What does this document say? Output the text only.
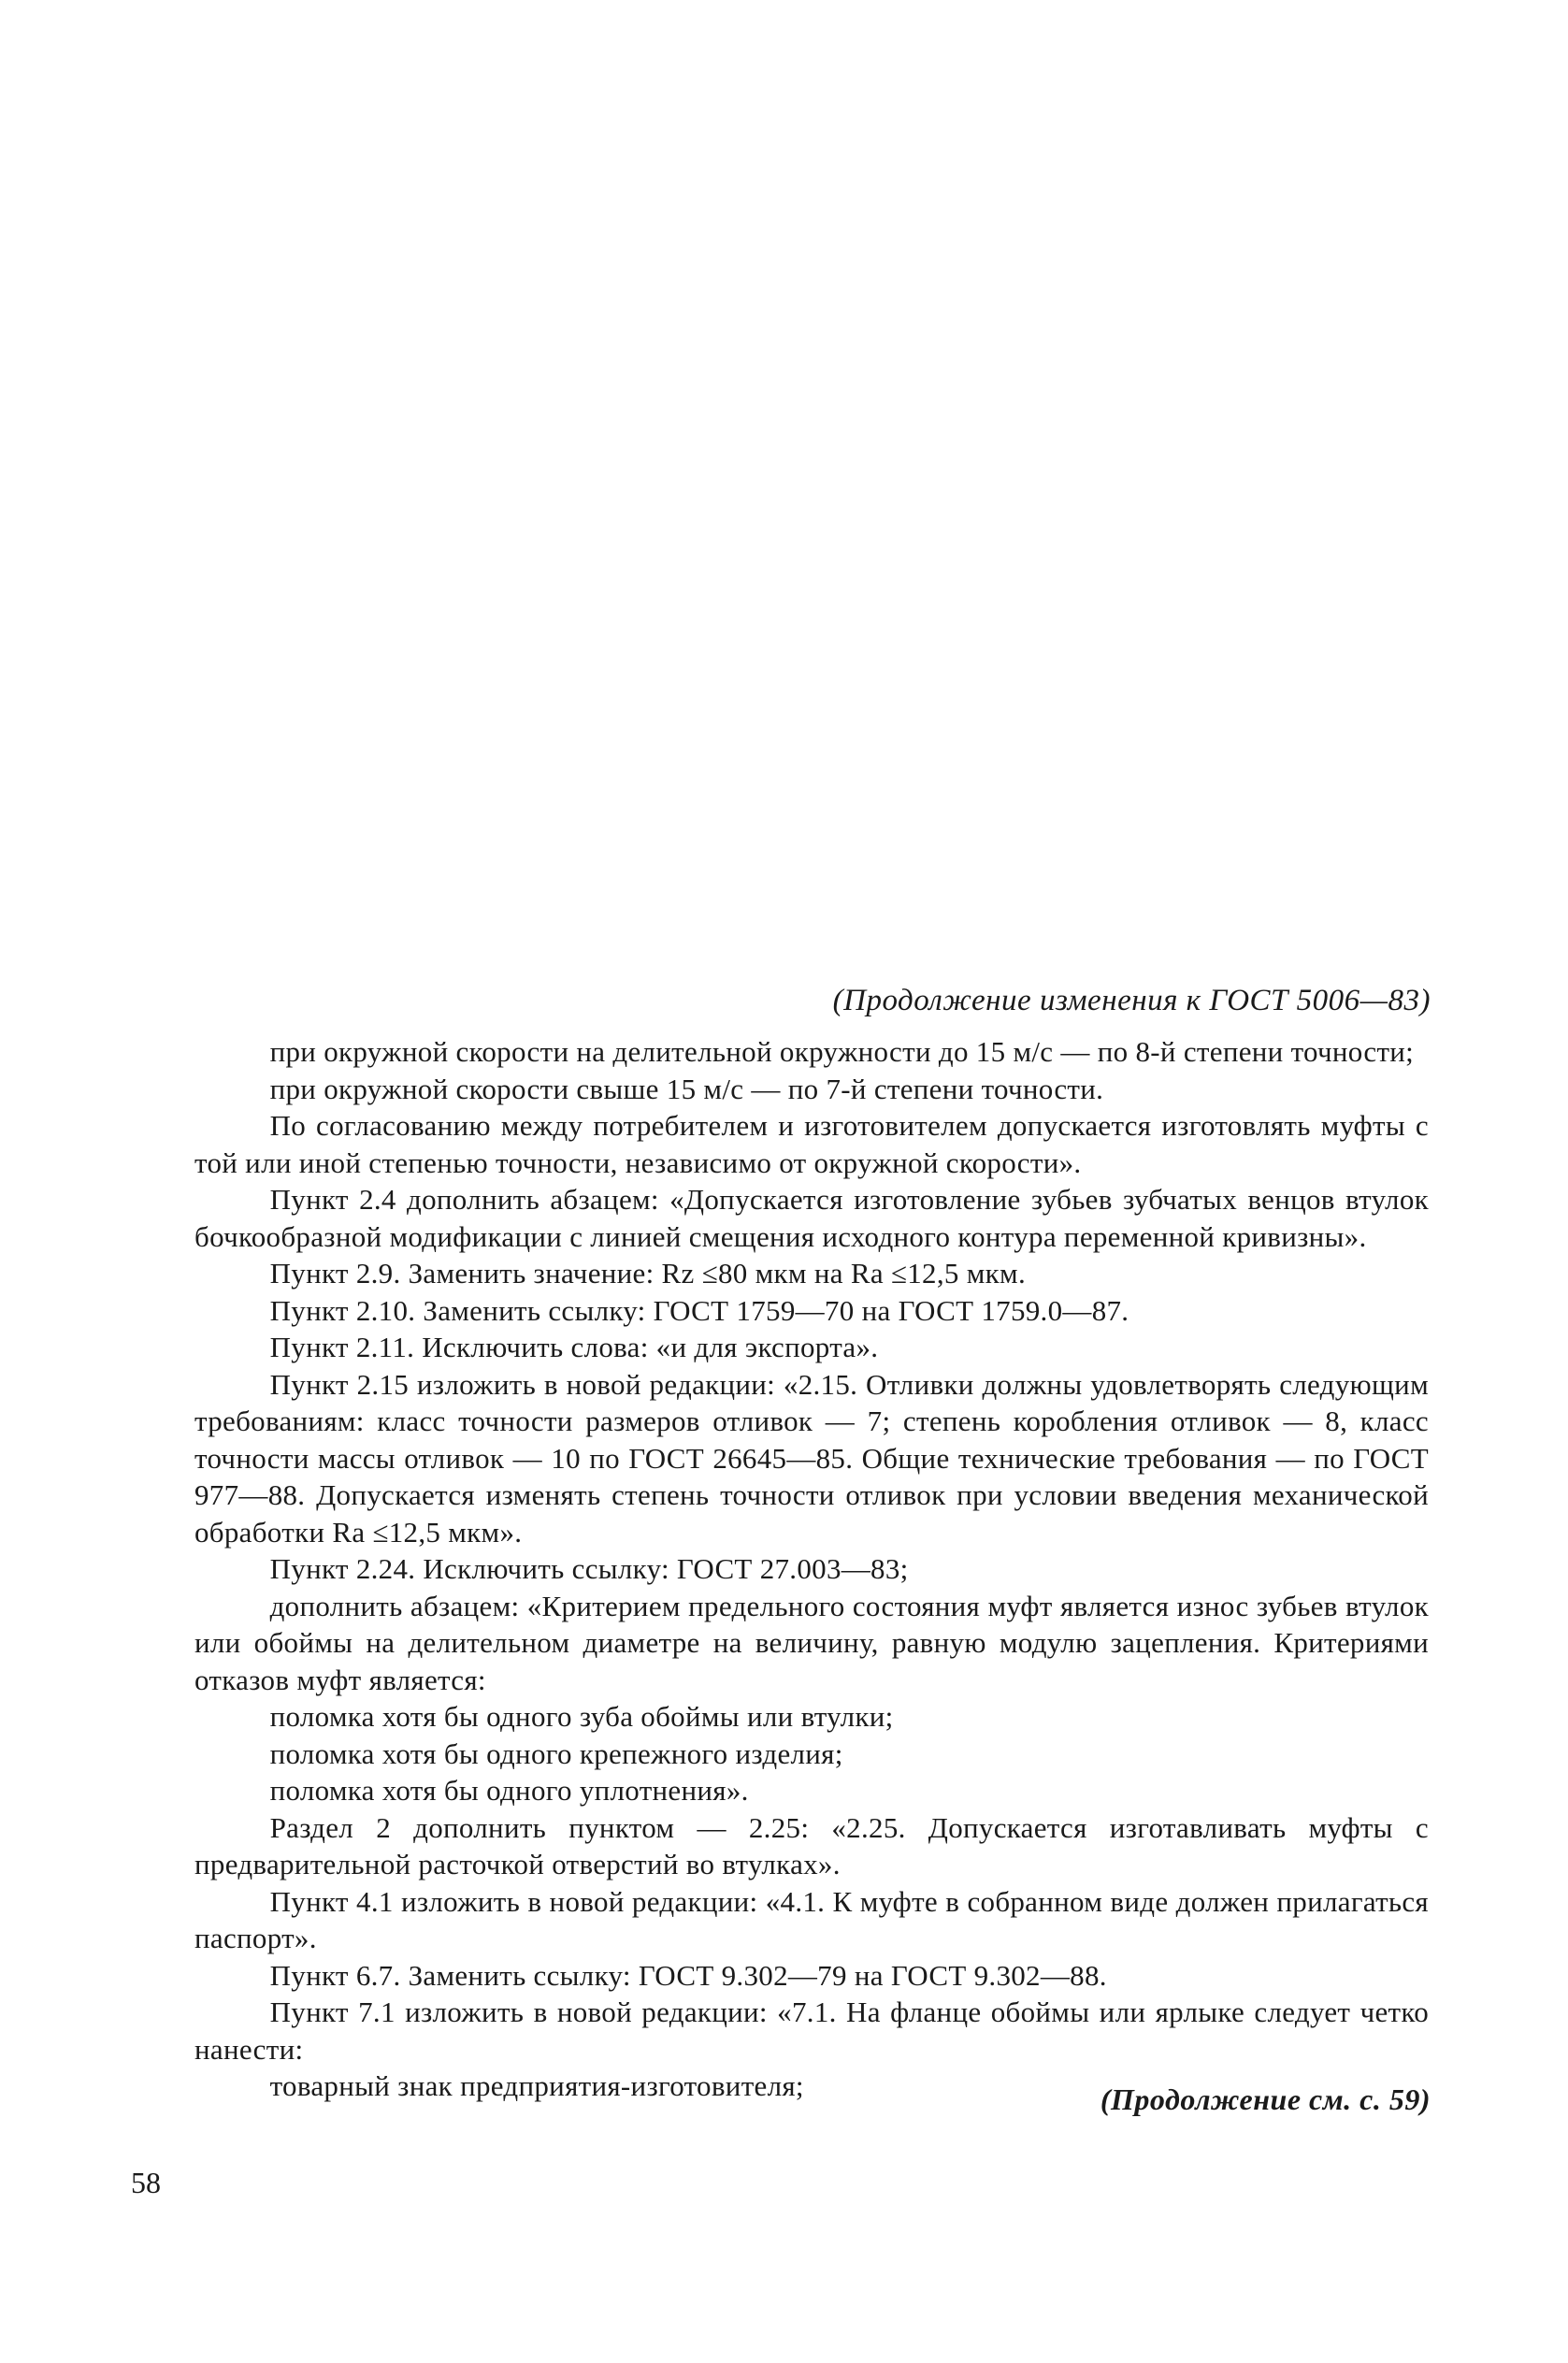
(Продолжение изменения к ГОСТ 5006—83)

при окружной скорости на делительной окружности до 15 м/с — по 8-й степени точности;

при окружной скорости свыше 15 м/с — по 7-й степени точности.

По согласованию между потребителем и изготовителем допускается изготовлять муфты с той или иной степенью точности, независимо от окружной скорости».

Пункт 2.4 дополнить абзацем: «Допускается изготовление зубьев зубчатых венцов втулок бочкообразной модификации с линией смещения исходного контура переменной кривизны».

Пункт 2.9. Заменить значение: Rz ≤80 мкм на Ra ≤12,5 мкм.

Пункт 2.10. Заменить ссылку: ГОСТ 1759—70 на ГОСТ 1759.0—87.

Пункт 2.11. Исключить слова: «и для экспорта».

Пункт 2.15 изложить в новой редакции: «2.15. Отливки должны удовлетворять следующим требованиям: класс точности размеров отливок — 7; степень коробления отливок — 8, класс точности массы отливок — 10 по ГОСТ 26645—85. Общие технические требования — по ГОСТ 977—88. Допускается изменять степень точности отливок при условии введения механической обработки Ra ≤12,5 мкм».

Пункт 2.24. Исключить ссылку: ГОСТ 27.003—83;

дополнить абзацем: «Критерием предельного состояния муфт является износ зубьев втулок или обоймы на делительном диаметре на величину, равную модулю зацепления. Критериями отказов муфт является:

поломка хотя бы одного зуба обоймы или втулки;

поломка хотя бы одного крепежного изделия;

поломка хотя бы одного уплотнения».

Раздел 2 дополнить пунктом — 2.25: «2.25. Допускается изготавливать муфты с предварительной расточкой отверстий во втулках».

Пункт 4.1 изложить в новой редакции: «4.1. К муфте в собранном виде должен прилагаться паспорт».

Пункт 6.7. Заменить ссылку: ГОСТ 9.302—79 на ГОСТ 9.302—88.

Пункт 7.1 изложить в новой редакции: «7.1. На фланце обоймы или ярлыке следует четко нанести:

товарный знак предприятия-изготовителя;	(Продолжение см. с. 59)
58
